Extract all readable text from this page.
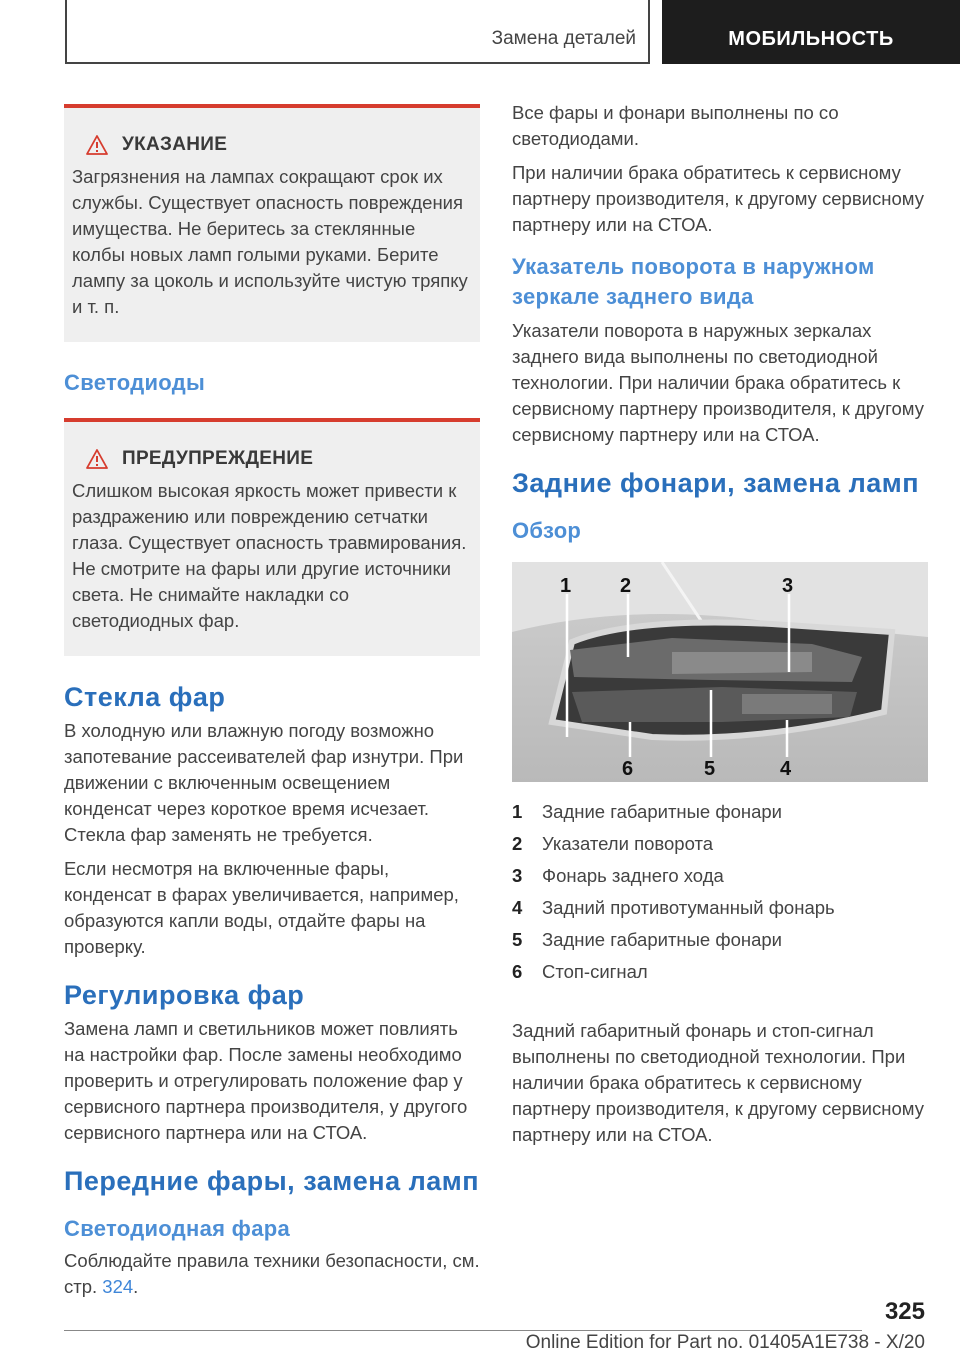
Замена деталей	МОБИЛЬНОСТЬ
УКАЗАНИЕ

Загрязнения на лампах сокращают срок их службы. Существует опасность повреждения имущества. Не беритесь за стеклянные колбы новых ламп голыми руками. Берите лампу за цоколь и используйте чистую тряпку и т. п.

Светодиоды
ПРЕДУПРЕЖДЕНИЕ

Слишком высокая яркость может привести к раздражению или повреждению сетчатки глаза. Существует опасность травмирования. Не смотрите на фары или другие источники света. Не снимайте накладки со светодиодных фар.

Стекла фар

В холодную или влажную погоду возможно запотевание рассеивателей фар изнутри. При движении с включенным освещением конденсат через короткое время исчезает. Стекла фар заменять не требуется.

Если несмотря на включенные фары, конденсат в фарах увеличивается, например, образуются капли воды, отдайте фары на проверку.

Регулировка фар

Замена ламп и светильников может повлиять на настройки фар. После замены необходимо проверить и отрегулировать положение фар у сервисного партнера производителя, у другого сервисного партнера или на СТОА.

Передние фары, замена ламп
Светодиодная фара

Соблюдайте правила техники безопасности, см. стр. 324.

Все фары и фонари выполнены по со светодиодами.

При наличии брака обратитесь к сервисному партнеру производителя, к другому сервисному партнеру или на СТОА.

Указатель поворота в наружном зеркале заднего вида

Указатели поворота в наружных зеркалах заднего вида выполнены по светодиодной технологии. При наличии брака обратитесь к сервисному партнеру производителя, к другому сервисному партнеру или на СТОА.

Задние фонари, замена ламп
Обзор
1 2	3
4
5
6
1	Задние габаритные фонари
2	Указатели поворота
3	Фонарь заднего хода
4	Задний противотуманный фонарь
5	Задние габаритные фонари
6	Стоп-сигнал

Задний габаритный фонарь и стоп-сигнал выполнены по светодиодной технологии. При наличии брака обратитесь к сервисному партнеру производителя, к другому сервисному партнеру или на СТОА.

325
Online Edition for Part no. 01405A1E738 - X/20
